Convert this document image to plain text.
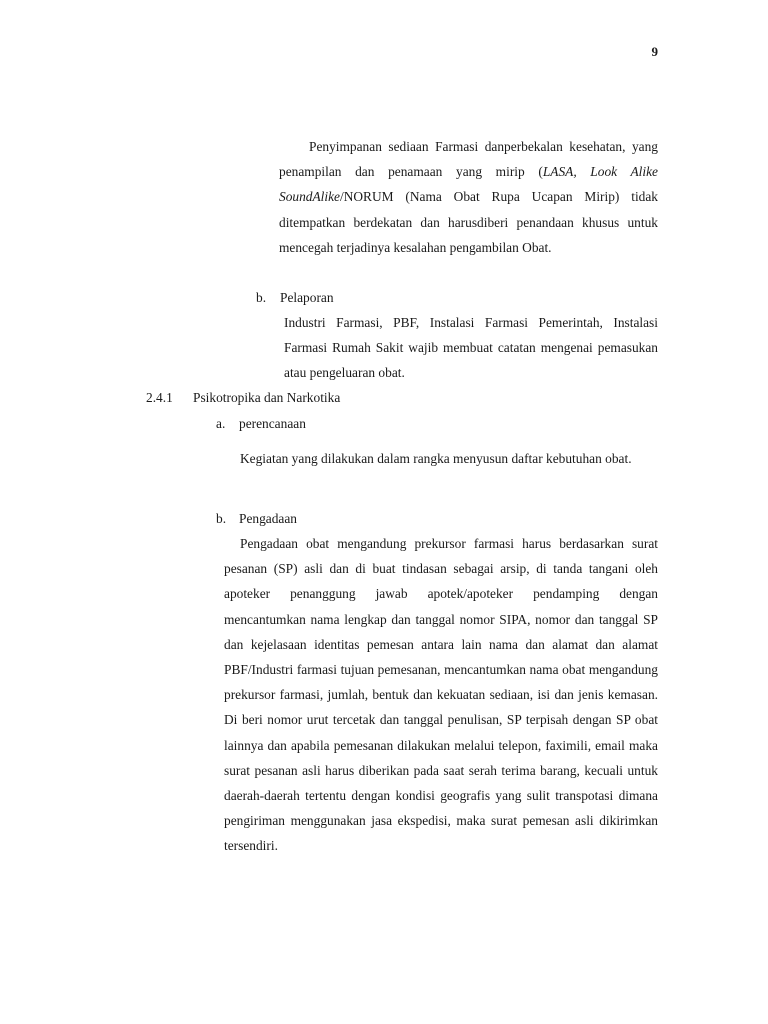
9
Penyimpanan sediaan Farmasi danperbekalan kesehatan, yang penampilan dan penamaan yang mirip (LASA, Look Alike SoundAlike/NORUM (Nama Obat Rupa Ucapan Mirip) tidak ditempatkan berdekatan dan harusdiberi penandaan khusus untuk mencegah terjadinya kesalahan pengambilan Obat.
b. Pelaporan
Industri Farmasi, PBF, Instalasi Farmasi Pemerintah, Instalasi Farmasi Rumah Sakit wajib membuat catatan mengenai pemasukan atau pengeluaran obat.
2.4.1 Psikotropika dan Narkotika
a. perencanaan
Kegiatan yang dilakukan dalam rangka menyusun daftar kebutuhan obat.
b. Pengadaan
Pengadaan obat mengandung prekursor farmasi harus berdasarkan surat pesanan (SP) asli dan di buat tindasan sebagai arsip, di tanda tangani oleh apoteker penanggung jawab apotek/apoteker pendamping dengan mencantumkan nama lengkap dan tanggal nomor SIPA, nomor dan tanggal SP dan kejelasaan identitas pemesan antara lain nama dan alamat dan alamat PBF/Industri farmasi tujuan pemesanan, mencantumkan nama obat mengandung prekursor farmasi, jumlah, bentuk dan kekuatan sediaan, isi dan jenis kemasan. Di beri nomor urut tercetak dan tanggal penulisan, SP terpisah dengan SP obat lainnya dan apabila pemesanan dilakukan melalui telepon, faximili, email maka surat pesanan asli harus diberikan pada saat serah terima barang, kecuali untuk daerah-daerah tertentu dengan kondisi geografis yang sulit transpotasi dimana pengiriman menggunakan jasa ekspedisi, maka surat pemesan asli dikirimkan tersendiri.
